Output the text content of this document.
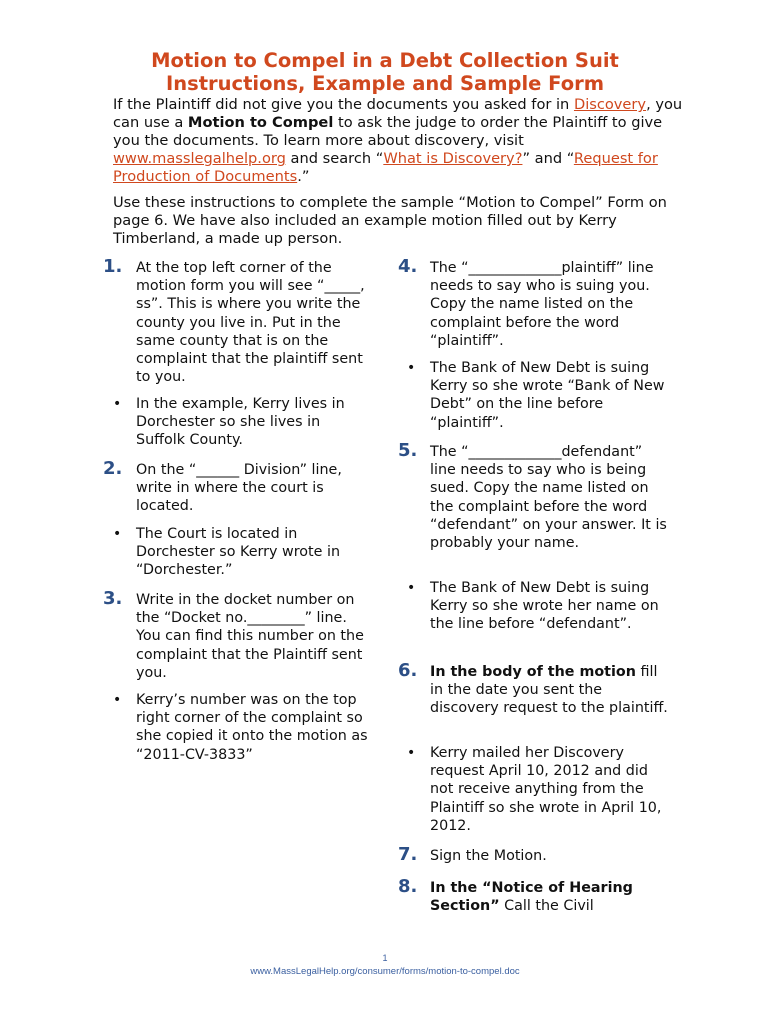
Motion to Compel in a Debt Collection Suit
Instructions, Example and Sample Form

If the Plaintiff did not give you the documents you asked for in Discovery, you can use a Motion to Compel to ask the judge to order the Plaintiff to give you the documents. To learn more about discovery, visit www.masslegalhelp.org and search “What is Discovery?” and “Request for Production of Documents.”

Use these instructions to complete the sample “Motion to Compel” Form on page 6. We have also included an example motion filled out by Kerry Timberland, a made up person.

1. At the top left corner of the motion form you will see “_____, ss”. This is where you write the county you live in. Put in the same county that is on the complaint that the plaintiff sent to you.

• In the example, Kerry lives in Dorchester so she lives in Suffolk County.

2. On the “______ Division” line, write in where the court is located.

• The Court is located in Dorchester so Kerry wrote in “Dorchester.”

3. Write in the docket number on the “Docket no.________” line. You can find this number on the complaint that the Plaintiff sent you.

• Kerry’s number was on the top right corner of the complaint so she copied it onto the motion as “2011-CV-3833”

4. The “_____________plaintiff” line needs to say who is suing you. Copy the name listed on the complaint before the word “plaintiff”.

• The Bank of New Debt is suing Kerry so she wrote “Bank of New Debt” on the line before “plaintiff”.

5. The “_____________defendant” line needs to say who is being sued. Copy the name listed on the complaint before the word “defendant” on your answer. It is probably your name.

• The Bank of New Debt is suing Kerry so she wrote her name on the line before “defendant”.

6. In the body of the motion fill in the date you sent the discovery request to the plaintiff.

• Kerry mailed her Discovery request April 10, 2012 and did not receive anything from the Plaintiff so she wrote in April 10, 2012.

7. Sign the Motion.

8. In the “Notice of Hearing Section” Call the Civil

1
www.MassLegalHelp.org/consumer/forms/motion-to-compel.doc
